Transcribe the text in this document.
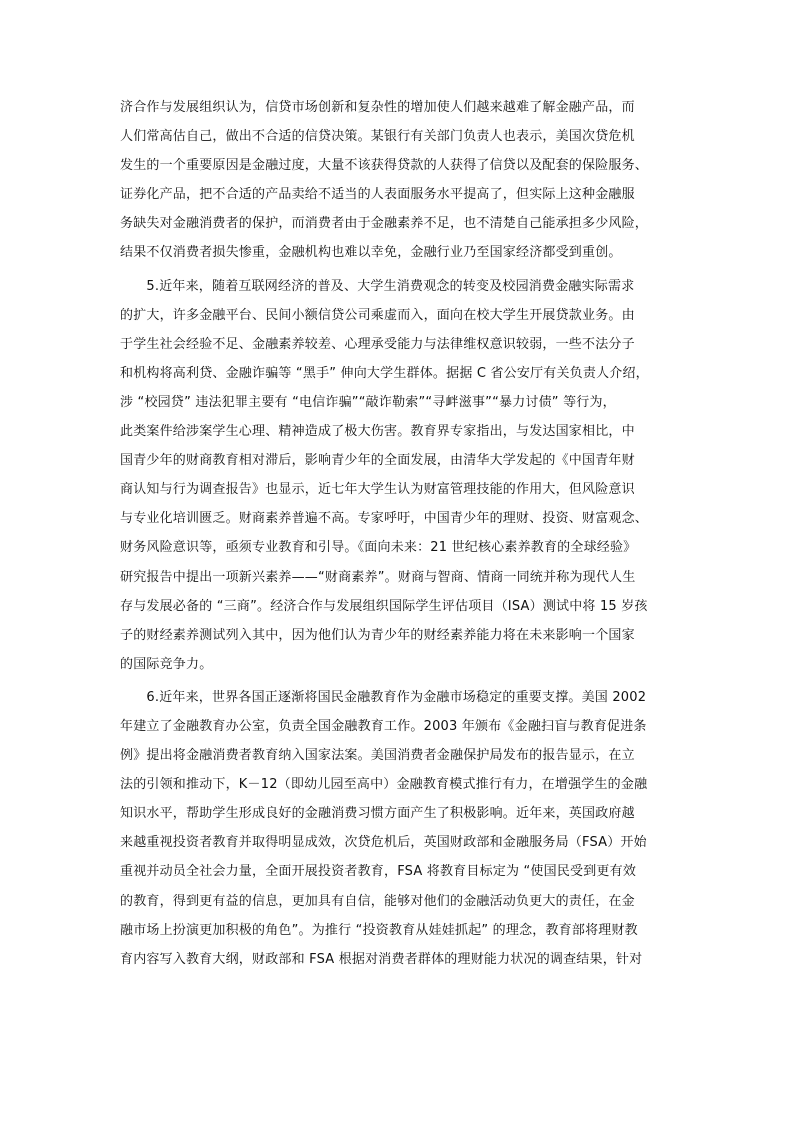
济合作与发展组织认为，信贷市场创新和复杂性的增加使人们越来越难了解金融产品，而
人们常高估自己，做出不合适的信贷决策。某银行有关部门负责人也表示，美国次贷危机
发生的一个重要原因是金融过度，大量不该获得贷款的人获得了信贷以及配套的保险服务、
证券化产品，把不合适的产品卖给不适当的人表面服务水平提高了，但实际上这种金融服
务缺失对金融消费者的保护，而消费者由于金融素养不足，也不清楚自己能承担多少风险，
结果不仅消费者损失惨重，金融机构也难以幸免，金融行业乃至国家经济都受到重创。
　　5.近年来，随着互联网经济的普及、大学生消费观念的转变及校园消费金融实际需求
的扩大，许多金融平台、民间小额信贷公司乘虚而入，面向在校大学生开展贷款业务。由
于学生社会经验不足、金融素养较差、心理承受能力与法律维权意识较弱，一些不法分子
和机构将高利贷、金融诈骗等 “黑手” 伸向大学生群体。据据 C 省公安厅有关负责人介绍，
涉 “校园贷” 违法犯罪主要有 “电信诈骗”“敲诈勒索”“寻衅滋事”“暴力讨债” 等行为，
此类案件给涉案学生心理、精神造成了极大伤害。教育界专家指出，与发达国家相比，中
国青少年的财商教育相对滞后，影响青少年的全面发展，由清华大学发起的《中国青年财
商认知与行为调查报告》也显示，近七年大学生认为财富管理技能的作用大，但风险意识
与专业化培训匮乏。财商素养普遍不高。专家呼吁，中国青少年的理财、投资、财富观念、
财务风险意识等，亟须专业教育和引导。《面向未来：21 世纪核心素养教育的全球经验》
研究报告中提出一项新兴素养——“财商素养”。财商与智商、情商一同统并称为现代人生
存与发展必备的 “三商”。经济合作与发展组织国际学生评估项目（ISA）测试中将 15 岁孩
子的财经素养测试列入其中，因为他们认为青少年的财经素养能力将在未来影响一个国家
的国际竞争力。
　　6.近年来，世界各国正逐渐将国民金融教育作为金融市场稳定的重要支撑。美国 2002
年建立了金融教育办公室，负责全国金融教育工作。2003 年颁布《金融扫盲与教育促进条
例》提出将金融消费者教育纳入国家法案。美国消费者金融保护局发布的报告显示，在立
法的引领和推动下，K－12（即幼儿园至高中）金融教育模式推行有力，在增强学生的金融
知识水平，帮助学生形成良好的金融消费习惯方面产生了积极影响。近年来，英国政府越
来越重视投资者教育并取得明显成效，次贷危机后，英国财政部和金融服务局（FSA）开始
重视并动员全社会力量，全面开展投资者教育，FSA 将教育目标定为 “使国民受到更有效
的教育，得到更有益的信息，更加具有自信，能够对他们的金融活动负更大的责任，在金
融市场上扮演更加积极的角色”。为推行 “投资教育从娃娃抓起” 的理念，教育部将理财教
育内容写入教育大纲，财政部和 FSA 根据对消费者群体的理财能力状况的调查结果，针对
